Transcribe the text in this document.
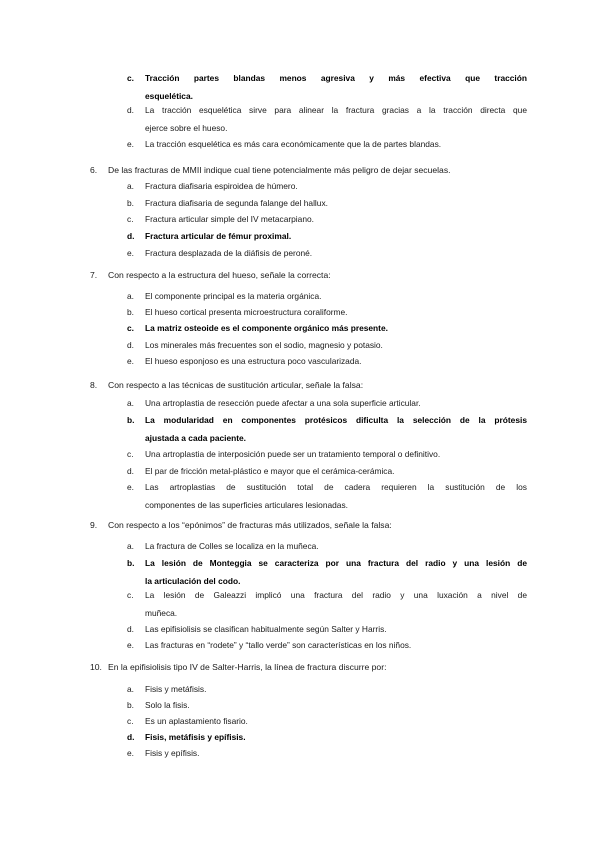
c. Tracción partes blandas menos agresiva y más efectiva que tracción
esquelética.
d. La tracción esquelética sirve para alinear la fractura gracias a la tracción directa que
ejerce sobre el hueso.
e. La tracción esquelética es más cara económicamente que la de partes blandas.
6. De las fracturas de MMII indique cual tiene potencialmente más peligro de dejar secuelas.
a. Fractura diafisaria espiroidea de húmero.
b. Fractura diafisaria de segunda falange del hallux.
c. Fractura articular simple del IV metacarpiano.
d. Fractura articular de fémur proximal.
e. Fractura desplazada de la diáfisis de peroné.
7. Con respecto a la estructura del hueso, señale la correcta:
a. El componente principal es la materia orgánica.
b. El hueso cortical presenta microestructura coraliforme.
c. La matriz osteoide es el componente orgánico más presente.
d. Los minerales más frecuentes son el sodio, magnesio y potasio.
e. El hueso esponjoso es una estructura poco vascularizada.
8. Con respecto a las técnicas de sustitución articular, señale la falsa:
a. Una artroplastia de resección puede afectar a una sola superficie articular.
b. La modularidad en componentes protésicos dificulta la selección de la prótesis
ajustada a cada paciente.
c. Una artroplastia de interposición puede ser un tratamiento temporal o definitivo.
d. El par de fricción metal-plástico e mayor que el cerámica-cerámica.
e. Las artroplastias de sustitución total de cadera requieren la sustitución de los
componentes de las superficies articulares lesionadas.
9. Con respecto a los “epónimos” de fracturas más utilizados, señale la falsa:
a. La fractura de Colles se localiza en la muñeca.
b. La lesión de Monteggia se caracteriza por una fractura del radio y una lesión de
la articulación del codo.
c. La lesión de Galeazzi implicó una fractura del radio y una luxación a nivel de
muñeca.
d. Las epifisiolisis se clasifican habitualmente según Salter y Harris.
e. Las fracturas en “rodete” y “tallo verde” son características en los niños.
10. En la epifisiolisis tipo IV de Salter-Harris, la línea de fractura discurre por:
a. Fisis y metáfisis.
b. Solo la fisis.
c. Es un aplastamiento fisario.
d. Fisis, metáfisis y epífisis.
e. Fisis y epífisis.
